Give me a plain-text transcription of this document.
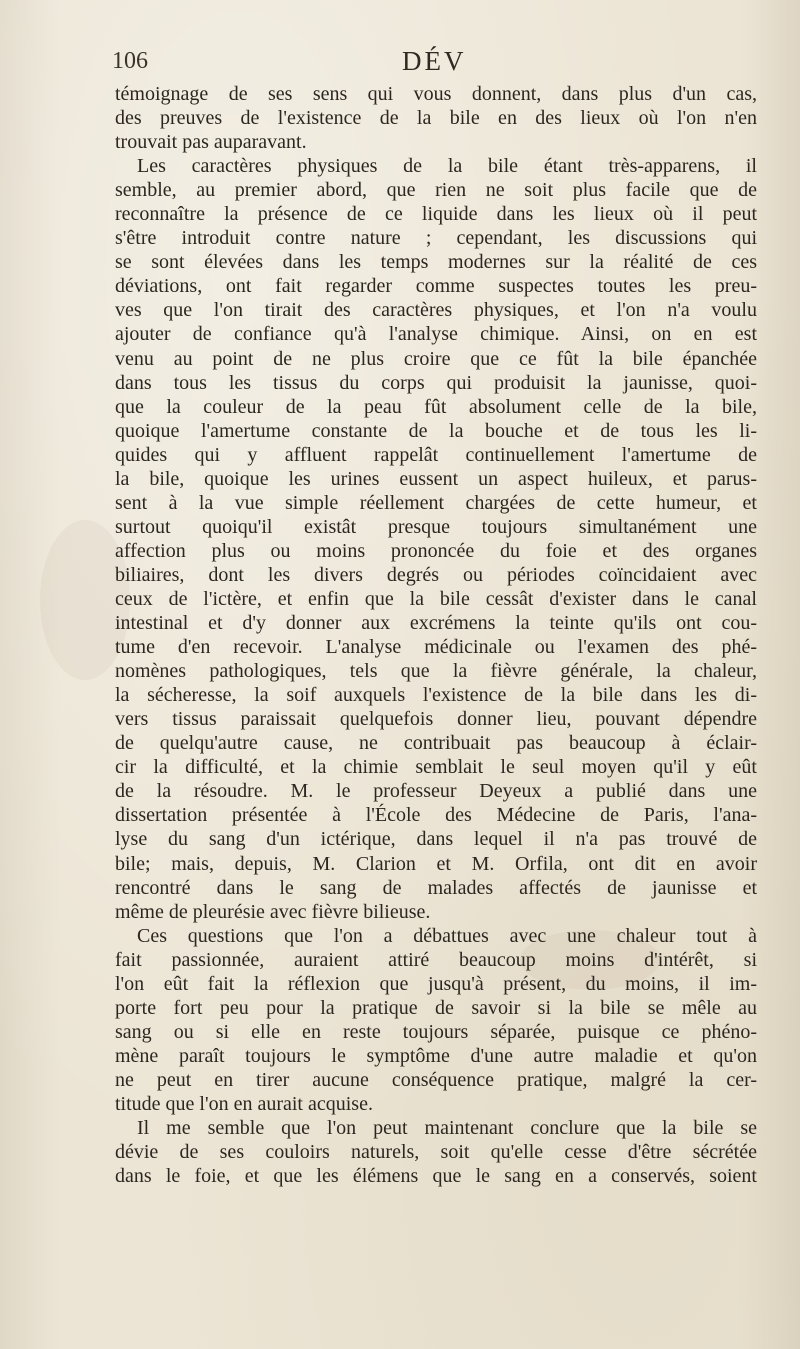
106	DÉV
témoignage de ses sens qui vous donnent, dans plus d'un cas,
des preuves de l'existence de la bile en des lieux où l'on n'en
trouvait pas auparavant.
Les caractères physiques de la bile étant très-apparens, il
semble, au premier abord, que rien ne soit plus facile que de
reconnaître la présence de ce liquide dans les lieux où il peut
s'être introduit contre nature ; cependant, les discussions qui
se sont élevées dans les temps modernes sur la réalité de ces
déviations, ont fait regarder comme suspectes toutes les preu-
ves que l'on tirait des caractères physiques, et l'on n'a voulu
ajouter de confiance qu'à l'analyse chimique. Ainsi, on en est
venu au point de ne plus croire que ce fût la bile épanchée
dans tous les tissus du corps qui produisit la jaunisse, quoi-
que la couleur de la peau fût absolument celle de la bile,
quoique l'amertume constante de la bouche et de tous les li-
quides qui y affluent rappelât continuellement l'amertume de
la bile, quoique les urines eussent un aspect huileux, et parus-
sent à la vue simple réellement chargées de cette humeur, et
surtout quoiqu'il existât presque toujours simultanément une
affection plus ou moins prononcée du foie et des organes
biliaires, dont les divers degrés ou périodes coïncidaient avec
ceux de l'ictère, et enfin que la bile cessât d'exister dans le canal
intestinal et d'y donner aux excrémens la teinte qu'ils ont cou-
tume d'en recevoir. L'analyse médicinale ou l'examen des phé-
nomènes pathologiques, tels que la fièvre générale, la chaleur,
la sécheresse, la soif auxquels l'existence de la bile dans les di-
vers tissus paraissait quelquefois donner lieu, pouvant dépendre
de quelqu'autre cause, ne contribuait pas beaucoup à éclair-
cir la difficulté, et la chimie semblait le seul moyen qu'il y eût
de la résoudre. M. le professeur Deyeux a publié dans une
dissertation présentée à l'École des Médecine de Paris, l'ana-
lyse du sang d'un ictérique, dans lequel il n'a pas trouvé de
bile; mais, depuis, M. Clarion et M. Orfila, ont dit en avoir
rencontré dans le sang de malades affectés de jaunisse et
même de pleurésie avec fièvre bilieuse.
Ces questions que l'on a débattues avec une chaleur tout à
fait passionnée, auraient attiré beaucoup moins d'intérêt, si
l'on eût fait la réflexion que jusqu'à présent, du moins, il im-
porte fort peu pour la pratique de savoir si la bile se mêle au
sang ou si elle en reste toujours séparée, puisque ce phéno-
mène paraît toujours le symptôme d'une autre maladie et qu'on
ne peut en tirer aucune conséquence pratique, malgré la cer-
titude que l'on en aurait acquise.
Il me semble que l'on peut maintenant conclure que la bile se
dévie de ses couloirs naturels, soit qu'elle cesse d'être sécrétée
dans le foie, et que les élémens que le sang en a conservés, soient
